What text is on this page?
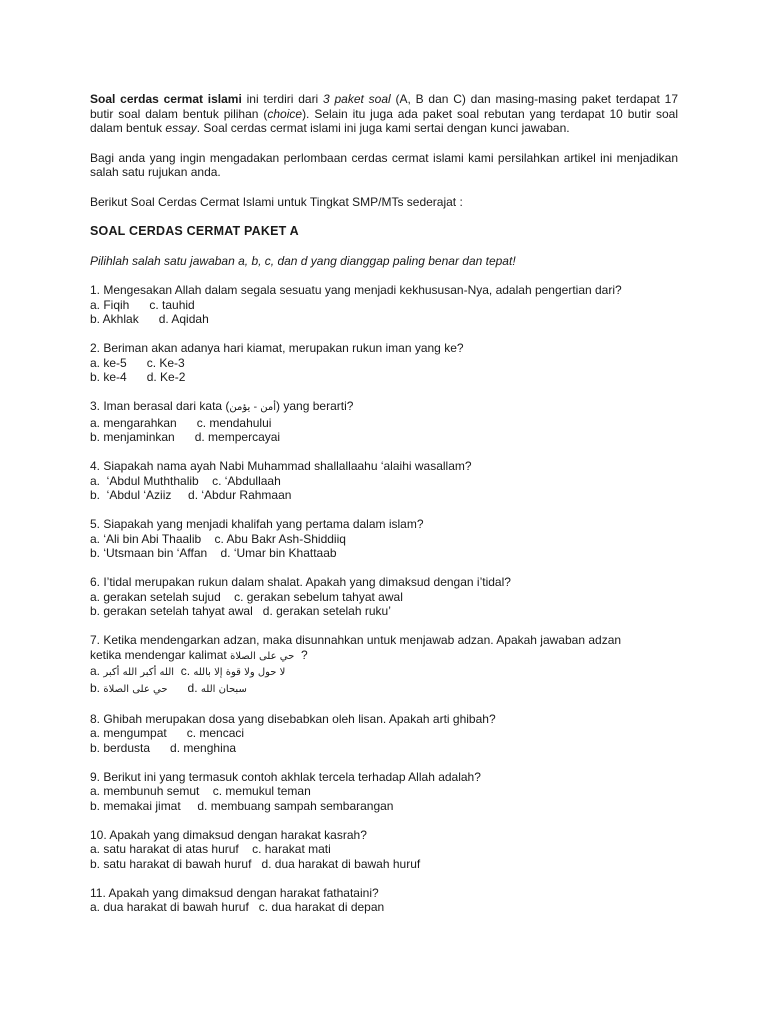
Soal cerdas cermat islami ini terdiri dari 3 paket soal (A, B dan C) dan masing-masing paket terdapat 17 butir soal dalam bentuk pilihan (choice). Selain itu juga ada paket soal rebutan yang terdapat 10 butir soal dalam bentuk essay. Soal cerdas cermat islami ini juga kami sertai dengan kunci jawaban.

Bagi anda yang ingin mengadakan perlombaan cerdas cermat islami kami persilahkan artikel ini menjadikan salah satu rujukan anda.

Berikut Soal Cerdas Cermat Islami untuk Tingkat SMP/MTs sederajat :

SOAL CERDAS CERMAT PAKET A

Pilihlah salah satu jawaban a, b, c, dan d yang dianggap paling benar dan tepat!

1. Mengesakan Allah dalam segala sesuatu yang menjadi kekhususan-Nya, adalah pengertian dari?

a. Fiqih      c. tauhid

b. Akhlak      d. Aqidah

2. Beriman akan adanya hari kiamat, merupakan rukun iman yang ke?

a. ke-5      c. Ke-3

b. ke-4      d. Ke-2

3. Iman berasal dari kata (أمن - يؤمن) yang berarti?

a. mengarahkan      c. mendahului

b. menjaminkan      d. mempercayai

4. Siapakah nama ayah Nabi Muhammad shallallaahu ‘alaihi wasallam?

a.  ‘Abdul Muththalib    c. ‘Abdullaah

b.  ‘Abdul ‘Aziiz     d. ‘Abdur Rahmaan

5. Siapakah yang menjadi khalifah yang pertama dalam islam?

a. ‘Ali bin Abi Thaalib    c. Abu Bakr Ash-Shiddiiq

b. ‘Utsmaan bin ‘Affan    d. ‘Umar bin Khattaab

6. I’tidal merupakan rukun dalam shalat. Apakah yang dimaksud dengan i’tidal?

a. gerakan setelah sujud    c. gerakan sebelum tahyat awal

b. gerakan setelah tahyat awal   d. gerakan setelah ruku’

7. Ketika mendengarkan adzan, maka disunnahkan untuk menjawab adzan. Apakah jawaban adzan

ketika mendengar kalimat حي على الصلاة  ?

a. الله أكبر الله أكبر  c. لا حول ولا قوة إلا بالله

b. حي على الصلاة      d. سبحان الله

8. Ghibah merupakan dosa yang disebabkan oleh lisan. Apakah arti ghibah?

a. mengumpat      c. mencaci

b. berdusta      d. menghina

9. Berikut ini yang termasuk contoh akhlak tercela terhadap Allah adalah?

a. membunuh semut    c. memukul teman

b. memakai jimat     d. membuang sampah sembarangan

10. Apakah yang dimaksud dengan harakat kasrah?

a. satu harakat di atas huruf    c. harakat mati

b. satu harakat di bawah huruf   d. dua harakat di bawah huruf

11. Apakah yang dimaksud dengan harakat fathataini?

a. dua harakat di bawah huruf   c. dua harakat di depan
